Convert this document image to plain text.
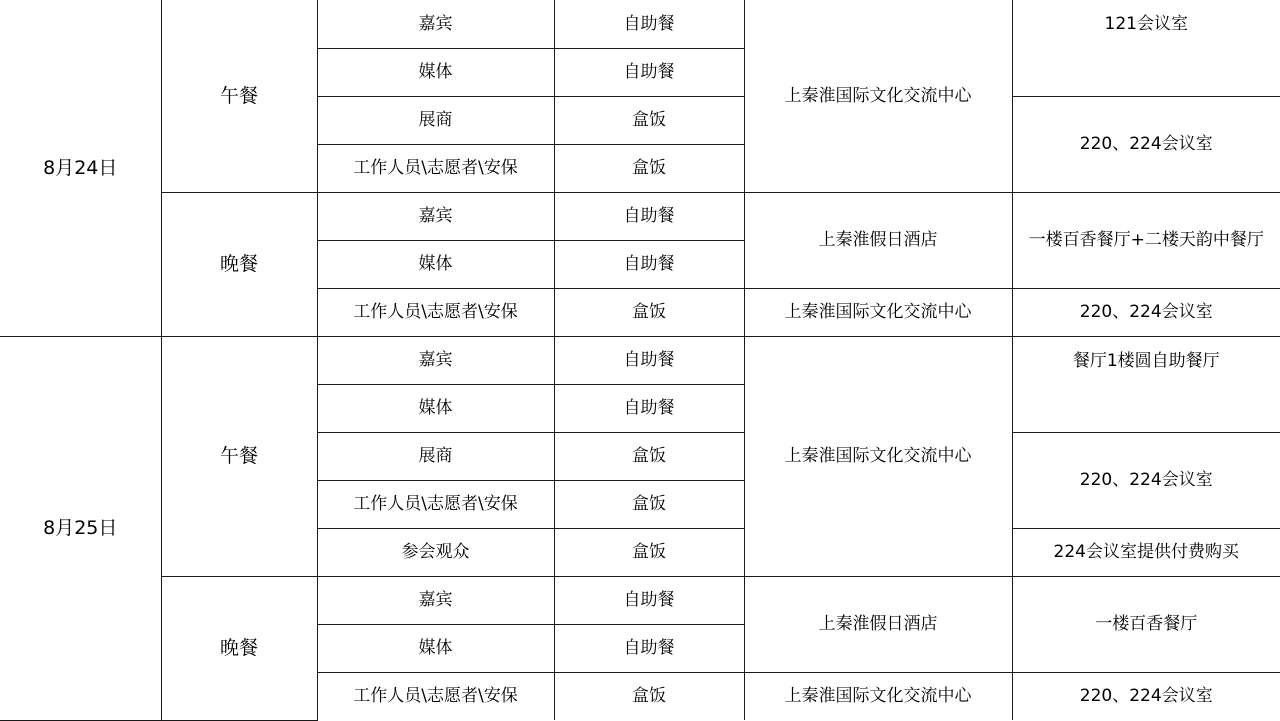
8月24日	午餐	嘉宾	自助餐	上秦淮国际文化交流中心	121会议室
		媒体	自助餐		
		展商	盒饭		220、224会议室
		工作人员\志愿者\安保	盒饭		
	晚餐	嘉宾	自助餐	上秦淮假日酒店	一楼百香餐厅+二楼天韵中餐厅
		媒体	自助餐		
		工作人员\志愿者\安保	盒饭	上秦淮国际文化交流中心	220、224会议室
8月25日	午餐	嘉宾	自助餐	上秦淮国际文化交流中心	餐厅1楼圆自助餐厅
		媒体	自助餐		
		展商	盒饭		220、224会议室
		工作人员\志愿者\安保	盒饭		
		参会观众	盒饭		224会议室提供付费购买
	晚餐	嘉宾	自助餐	上秦淮假日酒店	一楼百香餐厅
		媒体	自助餐		
		工作人员\志愿者\安保	盒饭	上秦淮国际文化交流中心	220、224会议室
